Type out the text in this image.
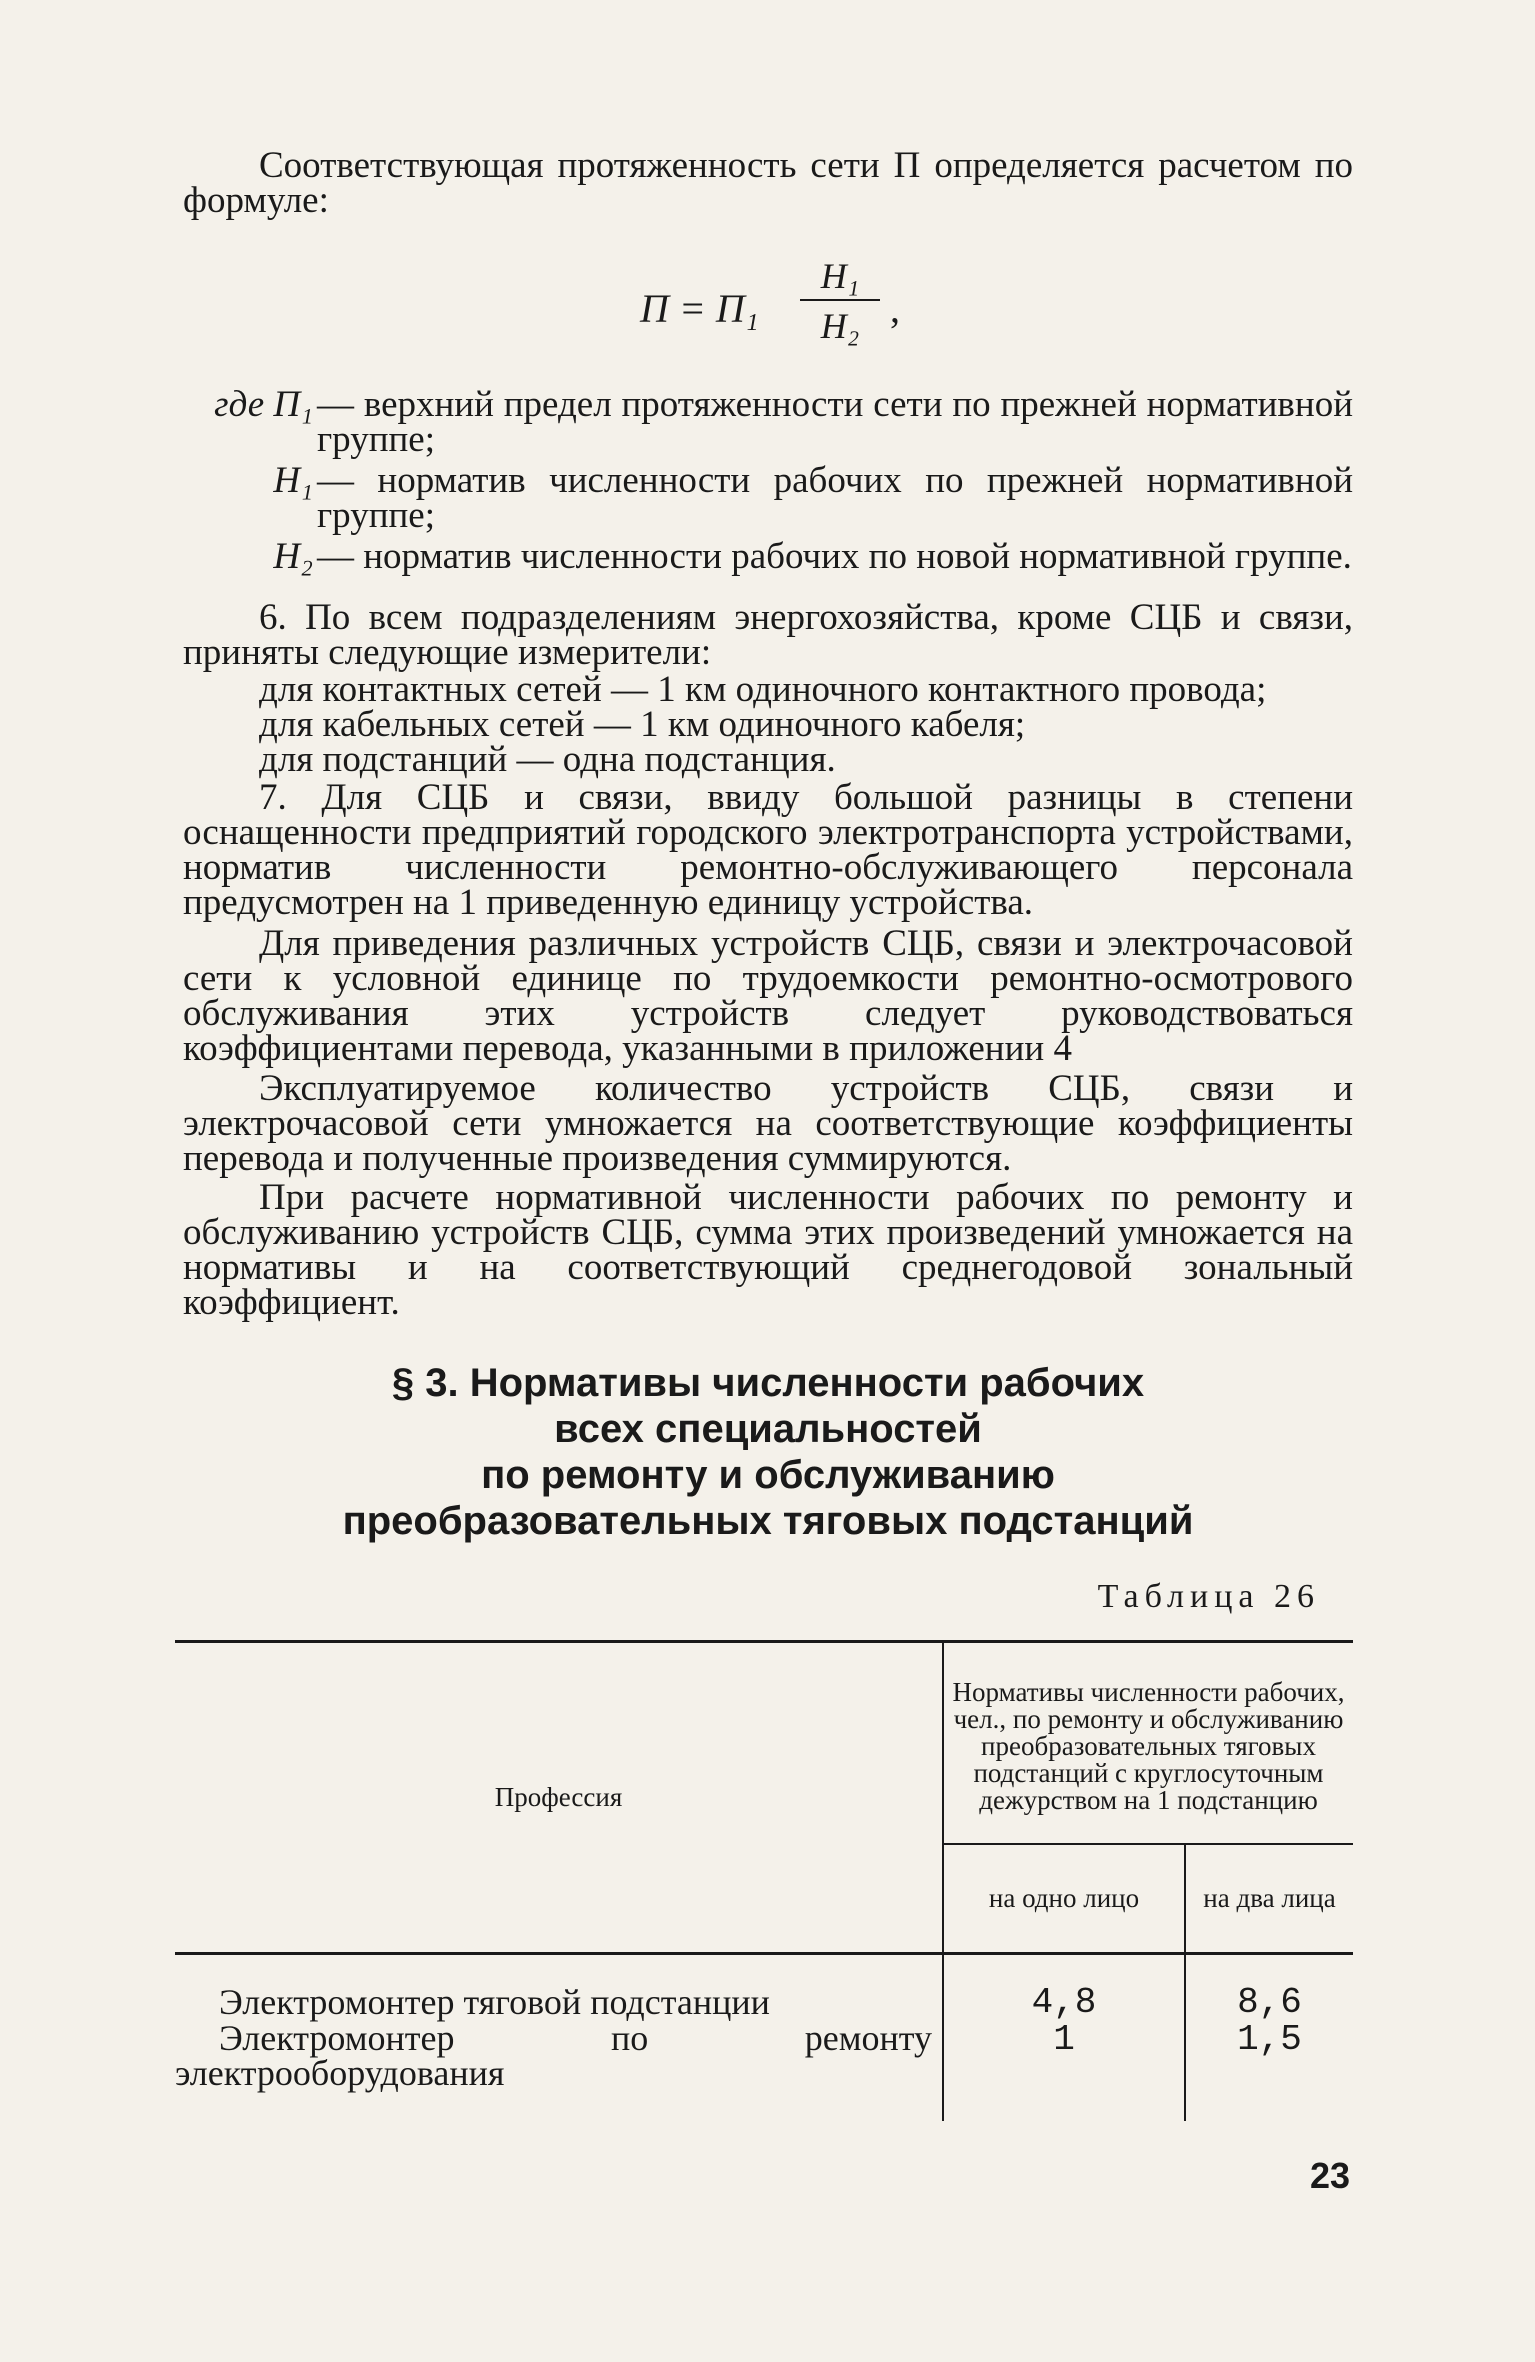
Соответствующая протяженность сети П определяется расчетом по формуле:

П = П₁
H₁
H₂ ,
где П₁ — верхний предел протяженности сети по прежней нормативной группе;
Н₁ — норматив численности рабочих по прежней нормативной группе;
Н₂ — норматив численности рабочих по новой нормативной группе.

6. По всем подразделениям энергохозяйства, кроме СЦБ и связи, приняты следующие измерители:

для контактных сетей — 1 км одиночного контактного провода;
для кабельных сетей — 1 км одиночного кабеля;
для подстанций — одна подстанция.

7. Для СЦБ и связи, ввиду большой разницы в степени оснащенности предприятий городского электротранспорта устройствами, норматив численности ремонтно-обслуживающего персонала предусмотрен на 1 приведенную единицу устройства.

Для приведения различных устройств СЦБ, связи и электрочасовой сети к условной единице по трудоемкости ремонтно-осмотрового обслуживания этих устройств следует руководствоваться коэффициентами перевода, указанными в приложении 4

Эксплуатируемое количество устройств СЦБ, связи и электрочасовой сети умножается на соответствующие коэффициенты перевода и полученные произведения суммируются.

При расчете нормативной численности рабочих по ремонту и обслуживанию устройств СЦБ, сумма этих произведений умножается на нормативы и на соответствующий среднегодовой зональный коэффициент.

§ 3. Нормативы численности рабочих
всех специальностей
по ремонту и обслуживанию
преобразовательных тяговых подстанций
Таблица 26
Профессия	Нормативы численности рабочих, чел., по ремонту и обслуживанию преобразовательных тяговых подстанций с круглосуточным дежурством на 1 подстанцию	
	на одно лицо	на два лица
Электромонтер тяговой подстанции	4,8	8,6
Электромонтер по ремонту электрооборудования	1	1,5
23
